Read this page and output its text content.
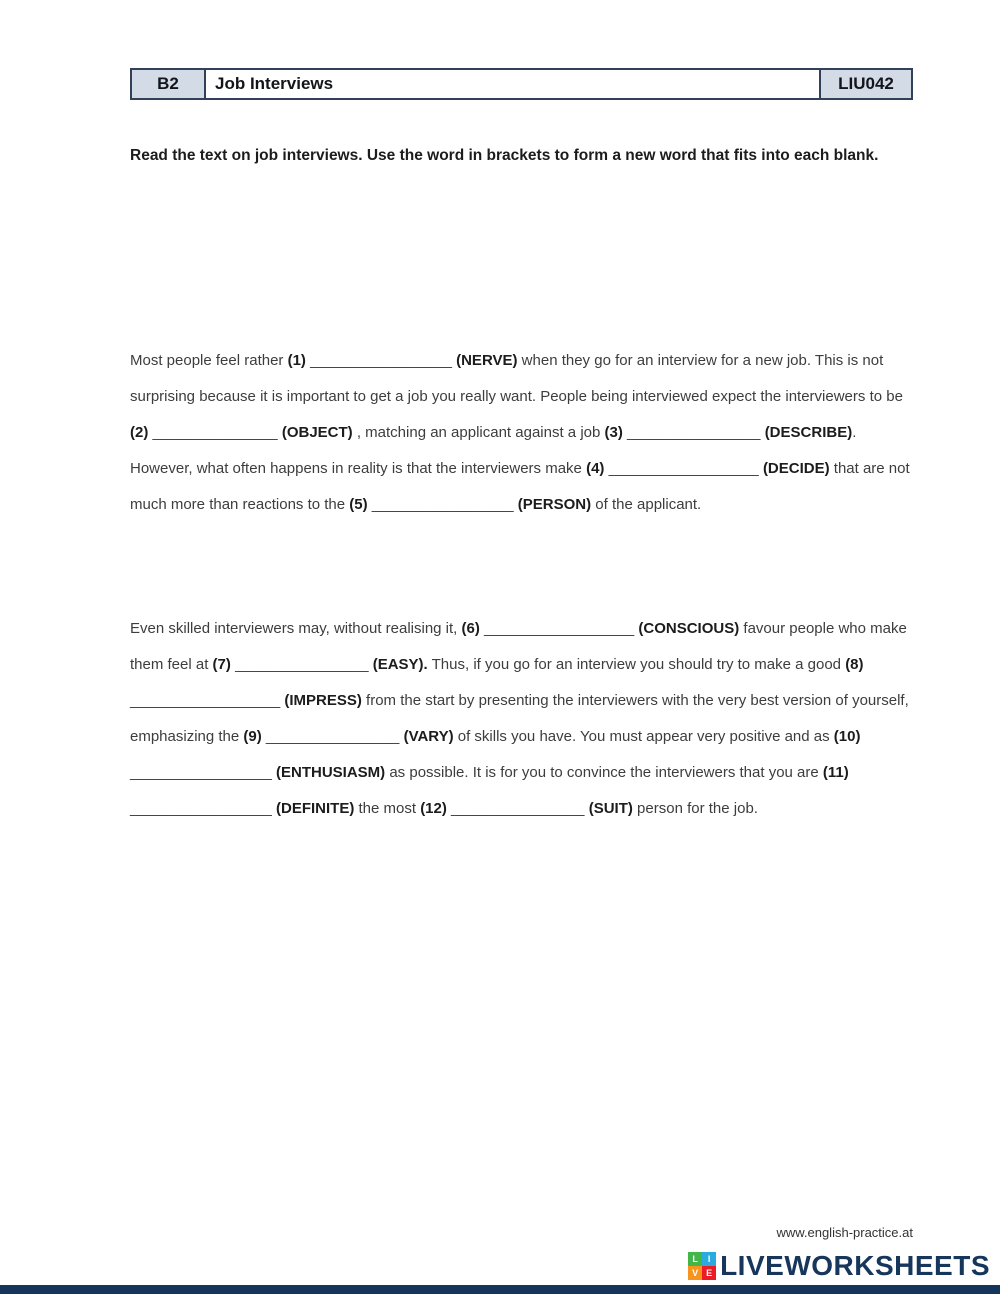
B2	Job Interviews	LIU042

Read the text on job interviews. Use the word in brackets to form a new word that fits into each blank.

Most people feel rather (1) _________________ (NERVE) when they go for an interview for a new job. This is not surprising because it is important to get a job you really want. People being interviewed expect the interviewers to be (2) _______________ (OBJECT) , matching an applicant against a job (3) ________________ (DESCRIBE). However, what often happens in reality is that the interviewers make (4) __________________ (DECIDE) that are not much more than reactions to the (5) _________________ (PERSON) of the applicant.

Even skilled interviewers may, without realising it, (6) __________________ (CONSCIOUS) favour people who make them feel at (7) ________________ (EASY). Thus, if you go for an interview you should try to make a good (8) __________________ (IMPRESS) from the start by presenting the interviewers with the very best version of yourself, emphasizing the (9) ________________ (VARY) of skills you have. You must appear very positive and as (10) _________________ (ENTHUSIASM) as possible. It is for you to convince the interviewers that you are (11) _________________ (DEFINITE) the most (12) ________________ (SUIT) person for the job.

www.english-practice.at
L	I
V E LIVEWORKSHEETS
